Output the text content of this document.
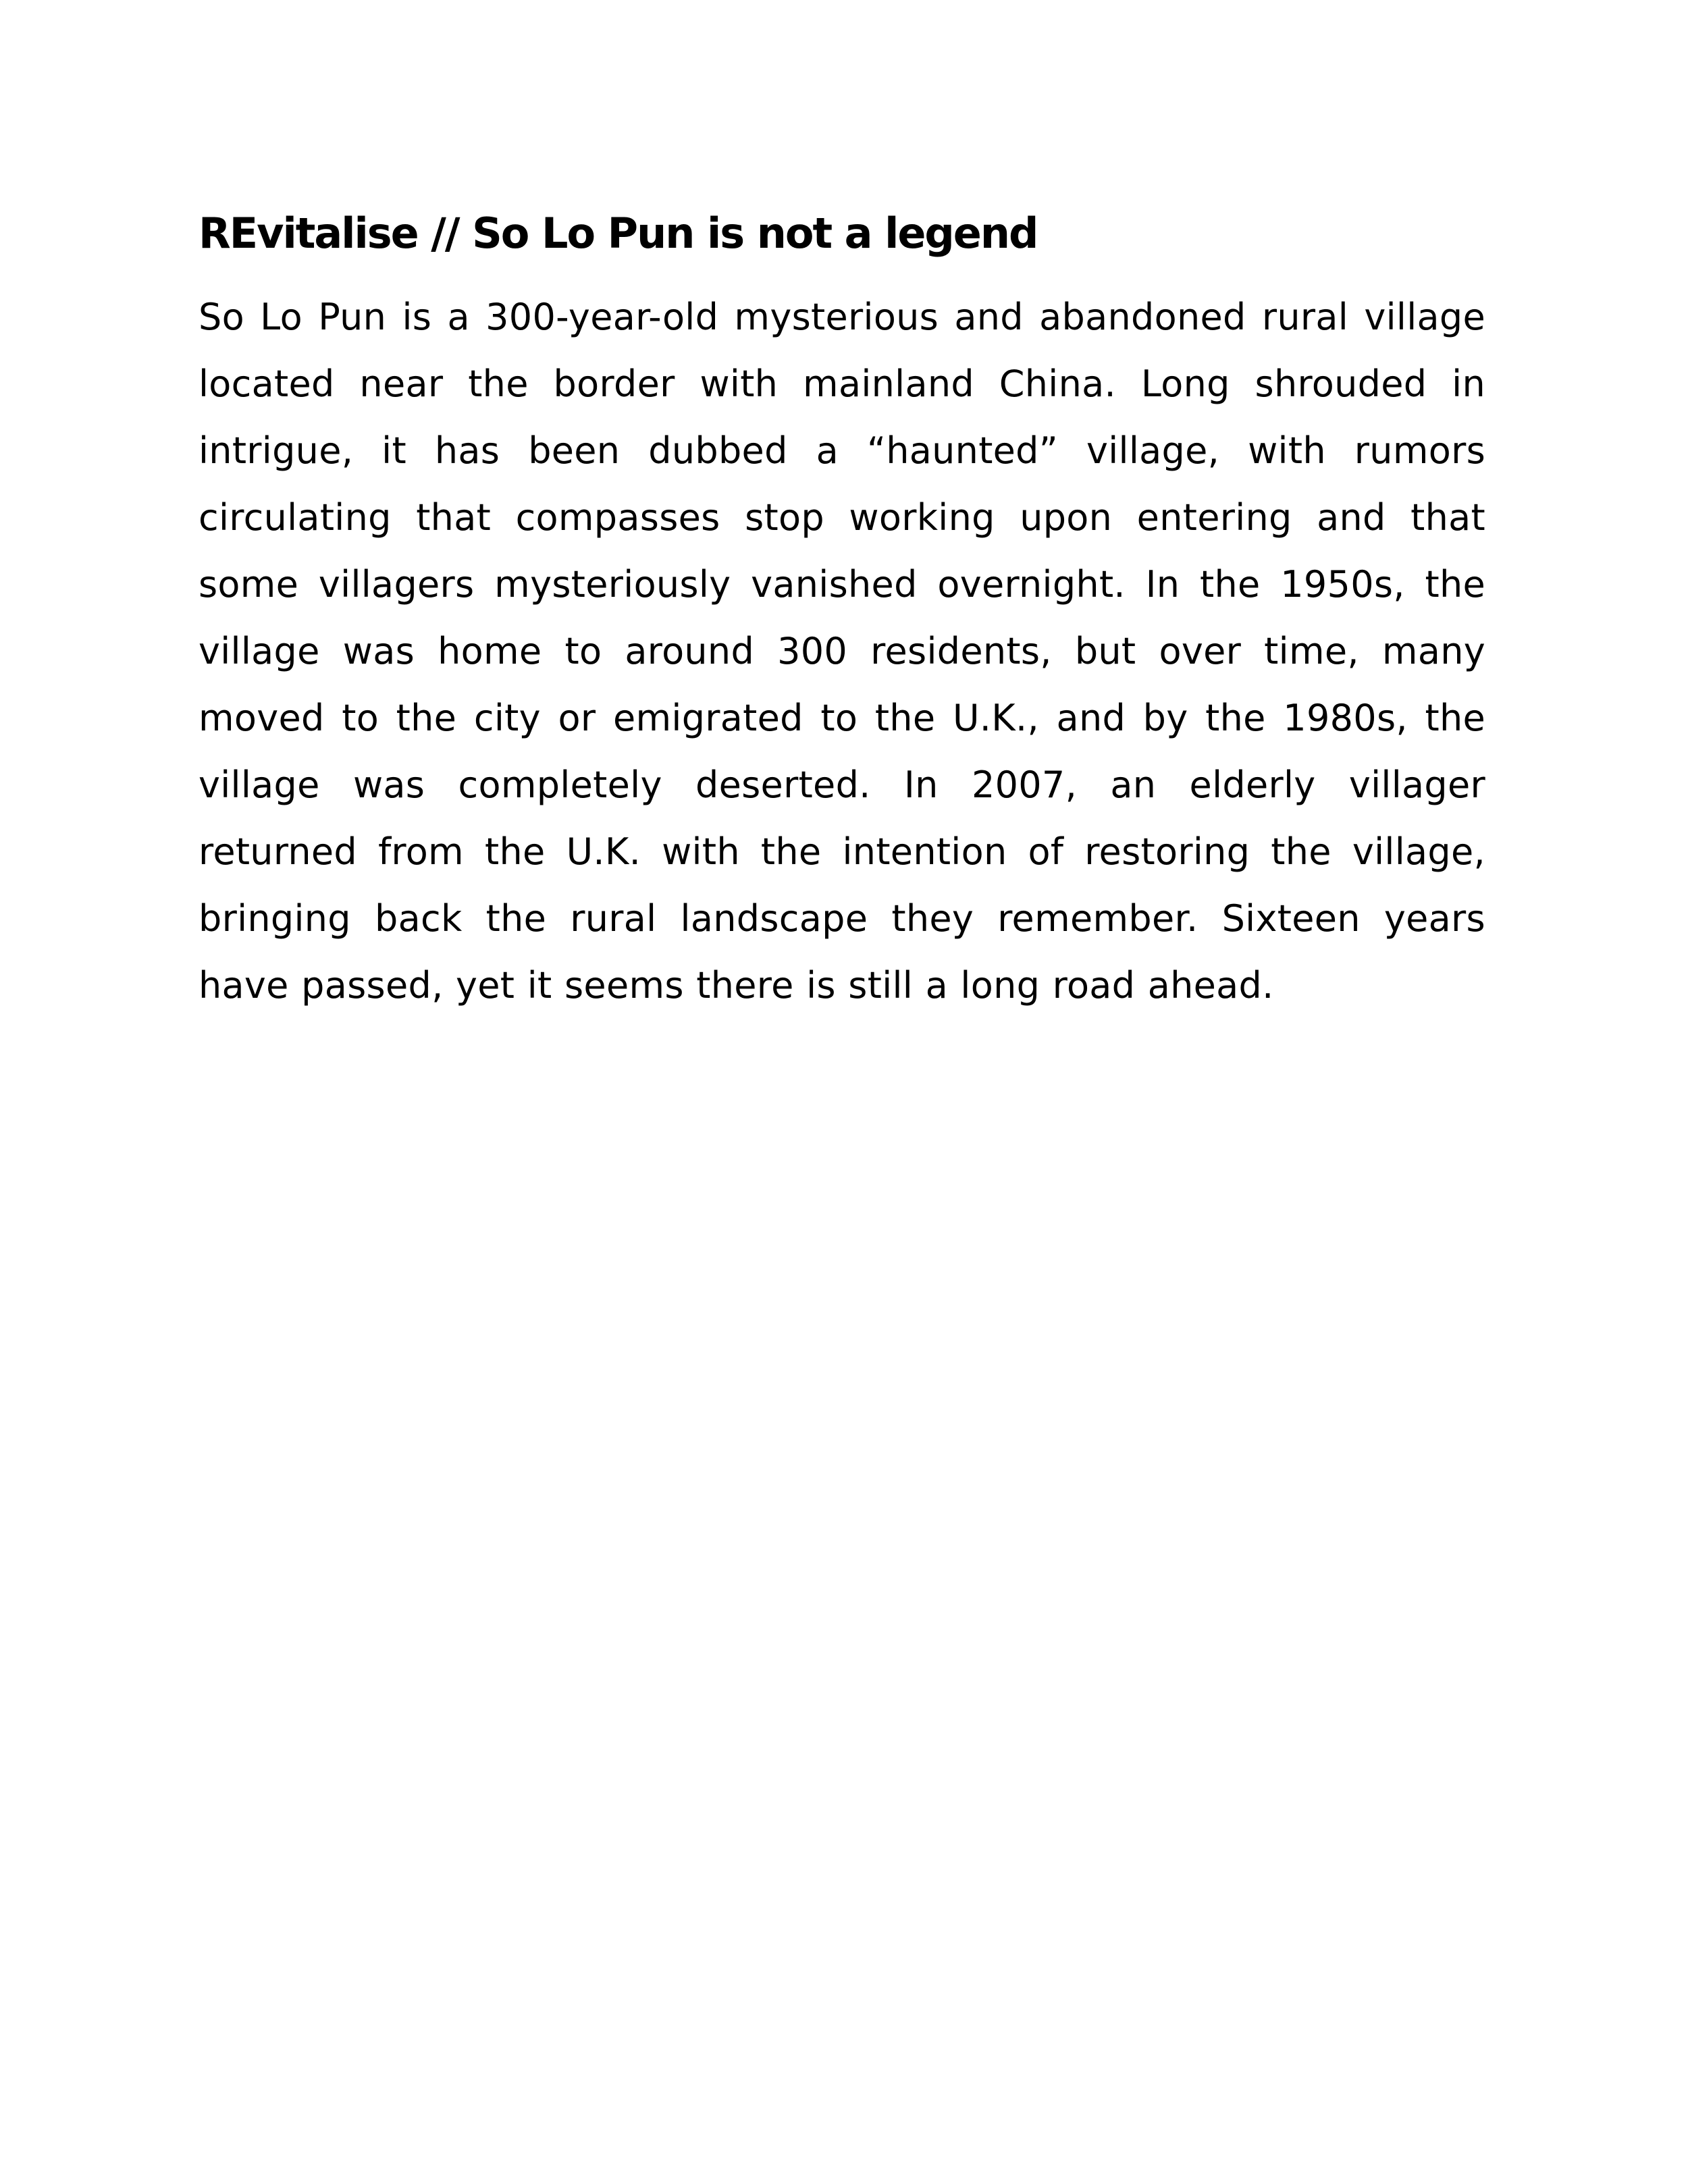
REvitalise // So Lo Pun is not a legend

So Lo Pun is a 300-year-old mysterious and abandoned rural village located near the border with mainland China. Long shrouded in intrigue, it has been dubbed a “haunted” village, with rumors circulating that compasses stop working upon entering and that some villagers mysteriously vanished overnight. In the 1950s, the village was home to around 300 residents, but over time, many moved to the city or emigrated to the U.K., and by the 1980s, the village was completely deserted. In 2007, an elderly villager returned from the U.K. with the intention of restoring the village, bringing back the rural landscape they remember. Sixteen years have passed, yet it seems there is still a long road ahead.
